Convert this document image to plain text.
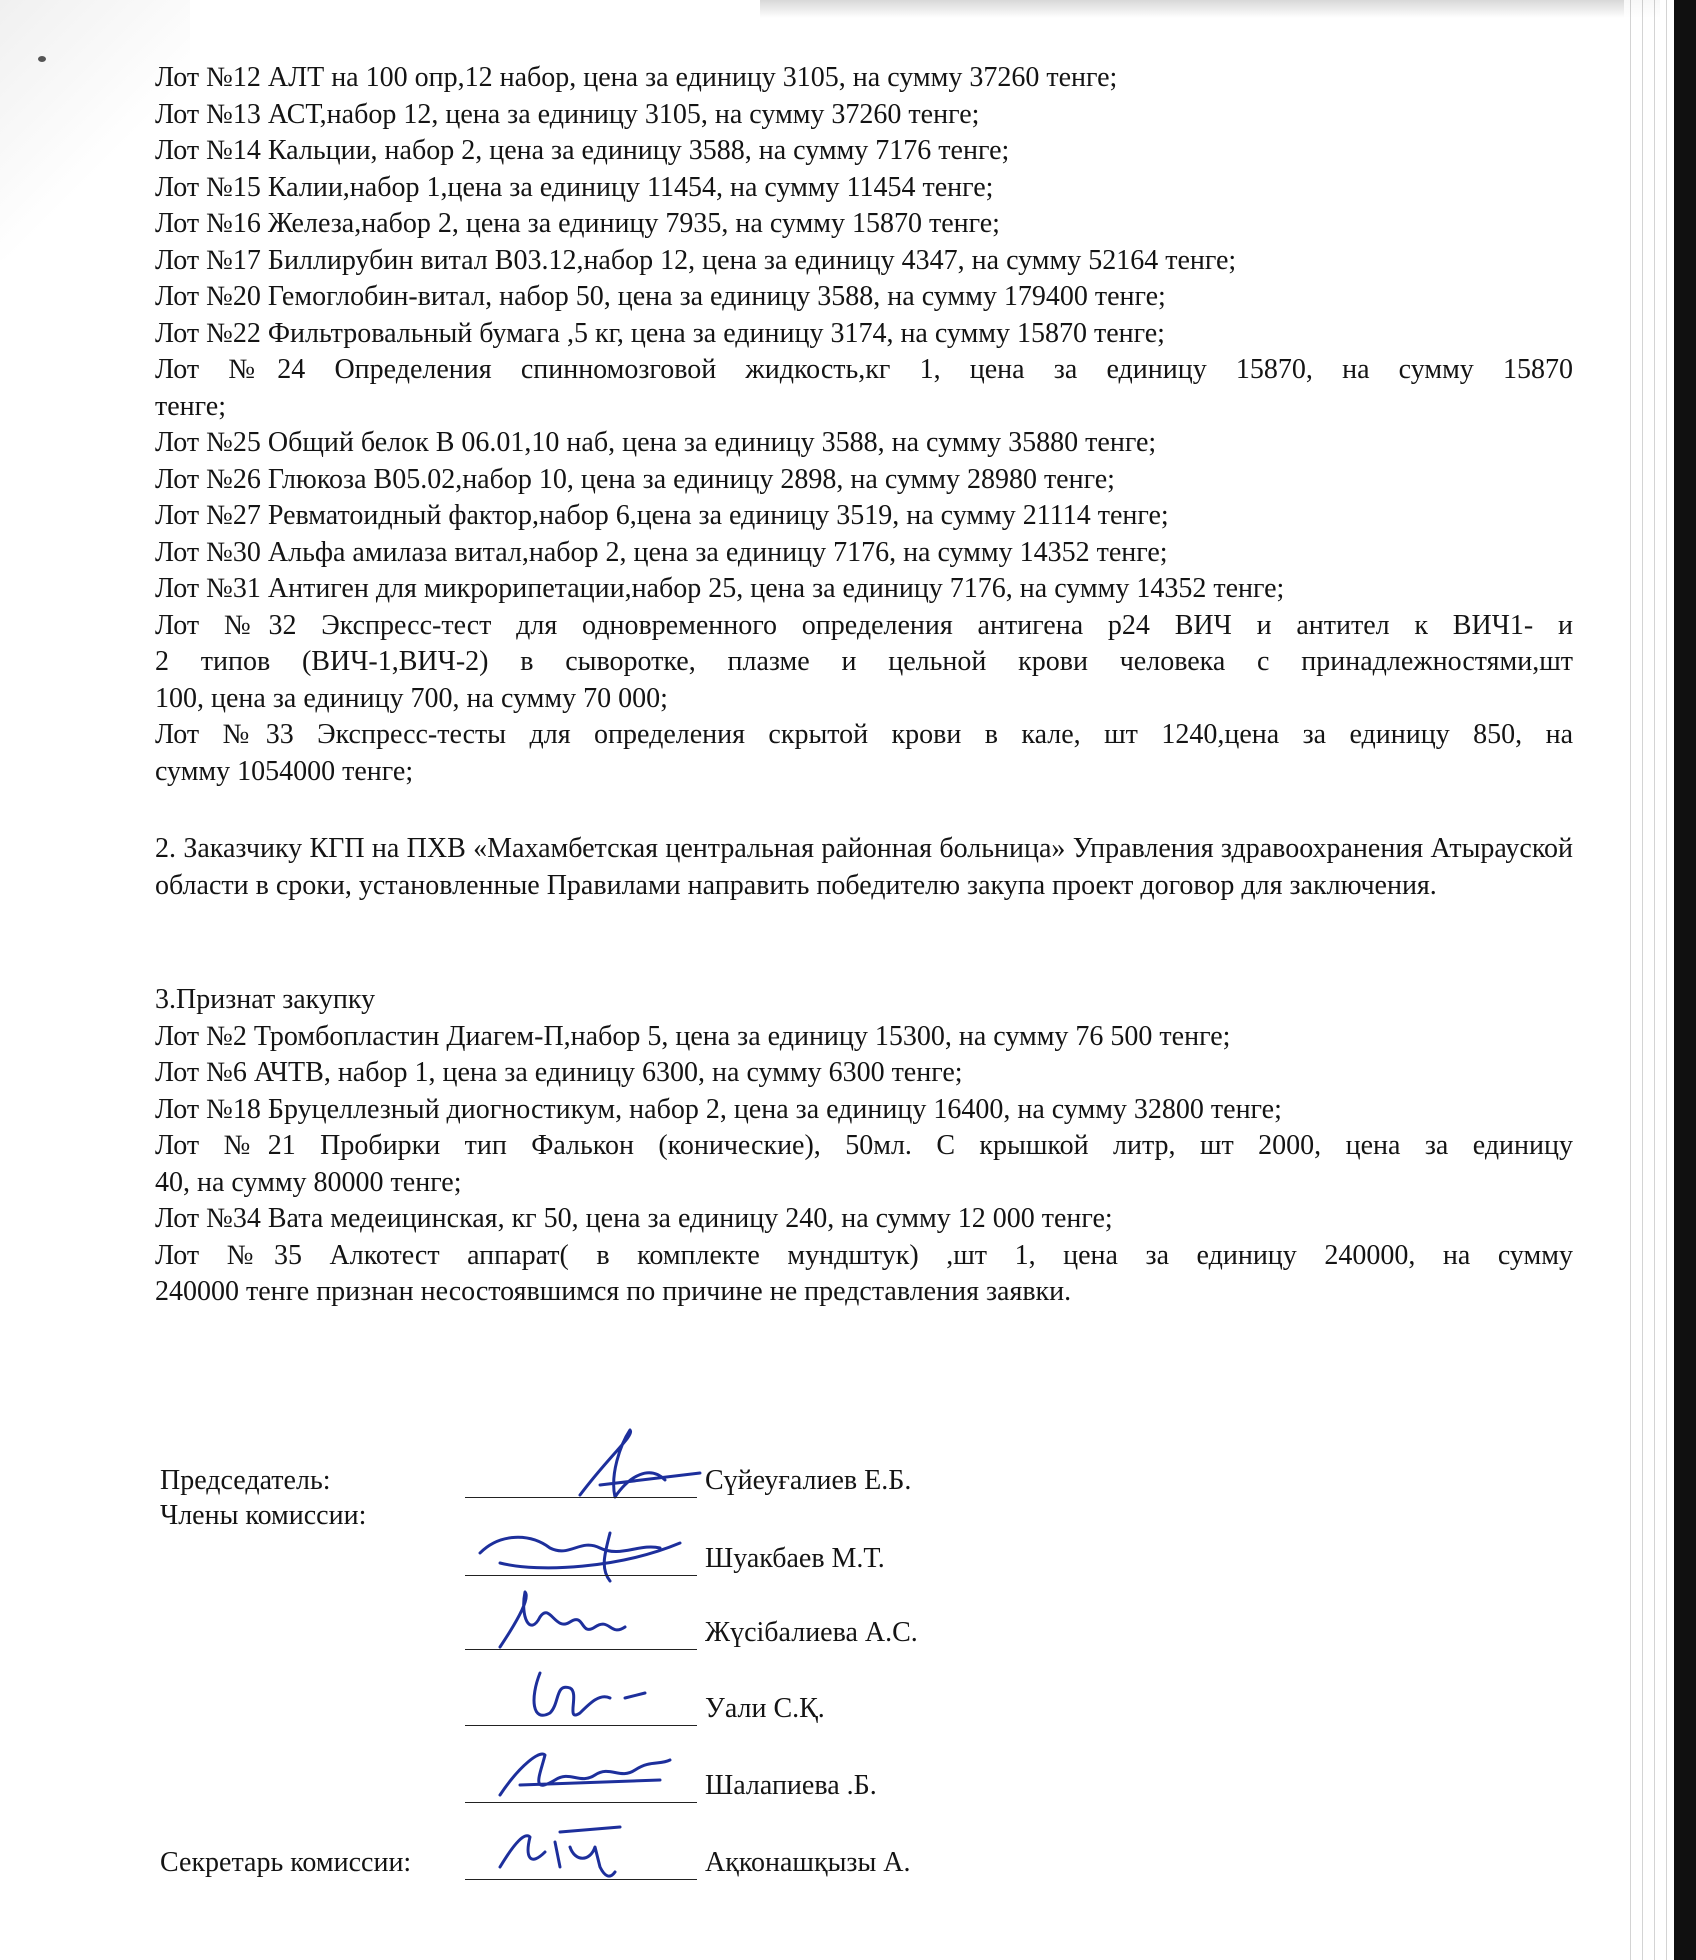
Лот №12 АЛТ на 100 опр,12 набор, цена за единицу 3105, на сумму 37260 тенге;

Лот №13 АСТ,набор 12, цена за единицу 3105, на сумму 37260 тенге;

Лот №14 Кальции, набор 2, цена за единицу 3588, на сумму 7176 тенге;

Лот №15 Калии,набор 1,цена за единицу 11454, на сумму 11454 тенге;

Лот №16 Железа,набор 2, цена за единицу 7935, на сумму 15870 тенге;

Лот №17 Биллирубин витал В03.12,набор 12, цена за единицу 4347, на сумму 52164 тенге;

Лот №20 Гемоглобин-витал, набор 50, цена за единицу 3588, на сумму 179400 тенге;

Лот №22 Фильтровальный бумага ,5 кг, цена за единицу 3174, на сумму 15870 тенге;

Лот №24 Определения спинномозговой жидкость,кг 1, цена за единицу 15870, на сумму 15870

тенге;

Лот №25 Общий белок В 06.01,10 наб, цена за единицу 3588, на сумму 35880 тенге;

Лот №26 Глюкоза В05.02,набор 10, цена за единицу 2898, на сумму 28980 тенге;

Лот №27 Ревматоидный фактор,набор 6,цена за единицу 3519, на сумму 21114 тенге;

Лот №30 Альфа амилаза витал,набор 2, цена за единицу 7176, на сумму 14352 тенге;

Лот №31 Антиген для микрорипетации,набор 25, цена за единицу 7176, на сумму 14352 тенге;

Лот №32 Экспресс-тест для одновременного определения антигена р24 ВИЧ и антител к ВИЧ1- и

2 типов (ВИЧ-1,ВИЧ-2) в сыворотке, плазме и цельной крови человека с принадлежностями,шт

100, цена за единицу 700, на сумму 70 000;

Лот №33 Экспресс-тесты для определения скрытой крови в кале, шт 1240,цена за единицу 850, на

сумму 1054000 тенге;

2. Заказчику КГП на ПХВ «Махамбетская центральная районная больница» Управления здравоохранения Атырауской области в сроки, установленные Правилами направить победителю закупа проект договор для заключения.

3.Признат закупку

Лот №2 Тромбопластин Диагем-П,набор 5, цена за единицу 15300, на сумму 76 500 тенге;

Лот №6 АЧТВ, набор 1, цена за единицу 6300, на сумму 6300 тенге;

Лот №18 Бруцеллезный диогностикум, набор 2, цена за единицу 16400, на сумму 32800 тенге;

Лот №21 Пробирки тип Фалькон (конические), 50мл. С крышкой литр, шт 2000, цена за единицу

40, на сумму 80000 тенге;

Лот №34 Вата медеицинская, кг 50, цена за единицу 240, на сумму 12 000 тенге;

Лот №35 Алкотест аппарат( в комплекте мундштук) ,шт 1, цена за единицу 240000, на сумму

240000 тенге признан несостоявшимся по причине не представления заявки.

Председатель:	Сүйеуғалиев Е.Б.
Члены комиссии:
Шуакбаев М.Т.
Жүсібалиева А.С.
Уали С.Қ.
Шалапиева .Б.
Секретарь комиссии:	Ақконашқызы А.
